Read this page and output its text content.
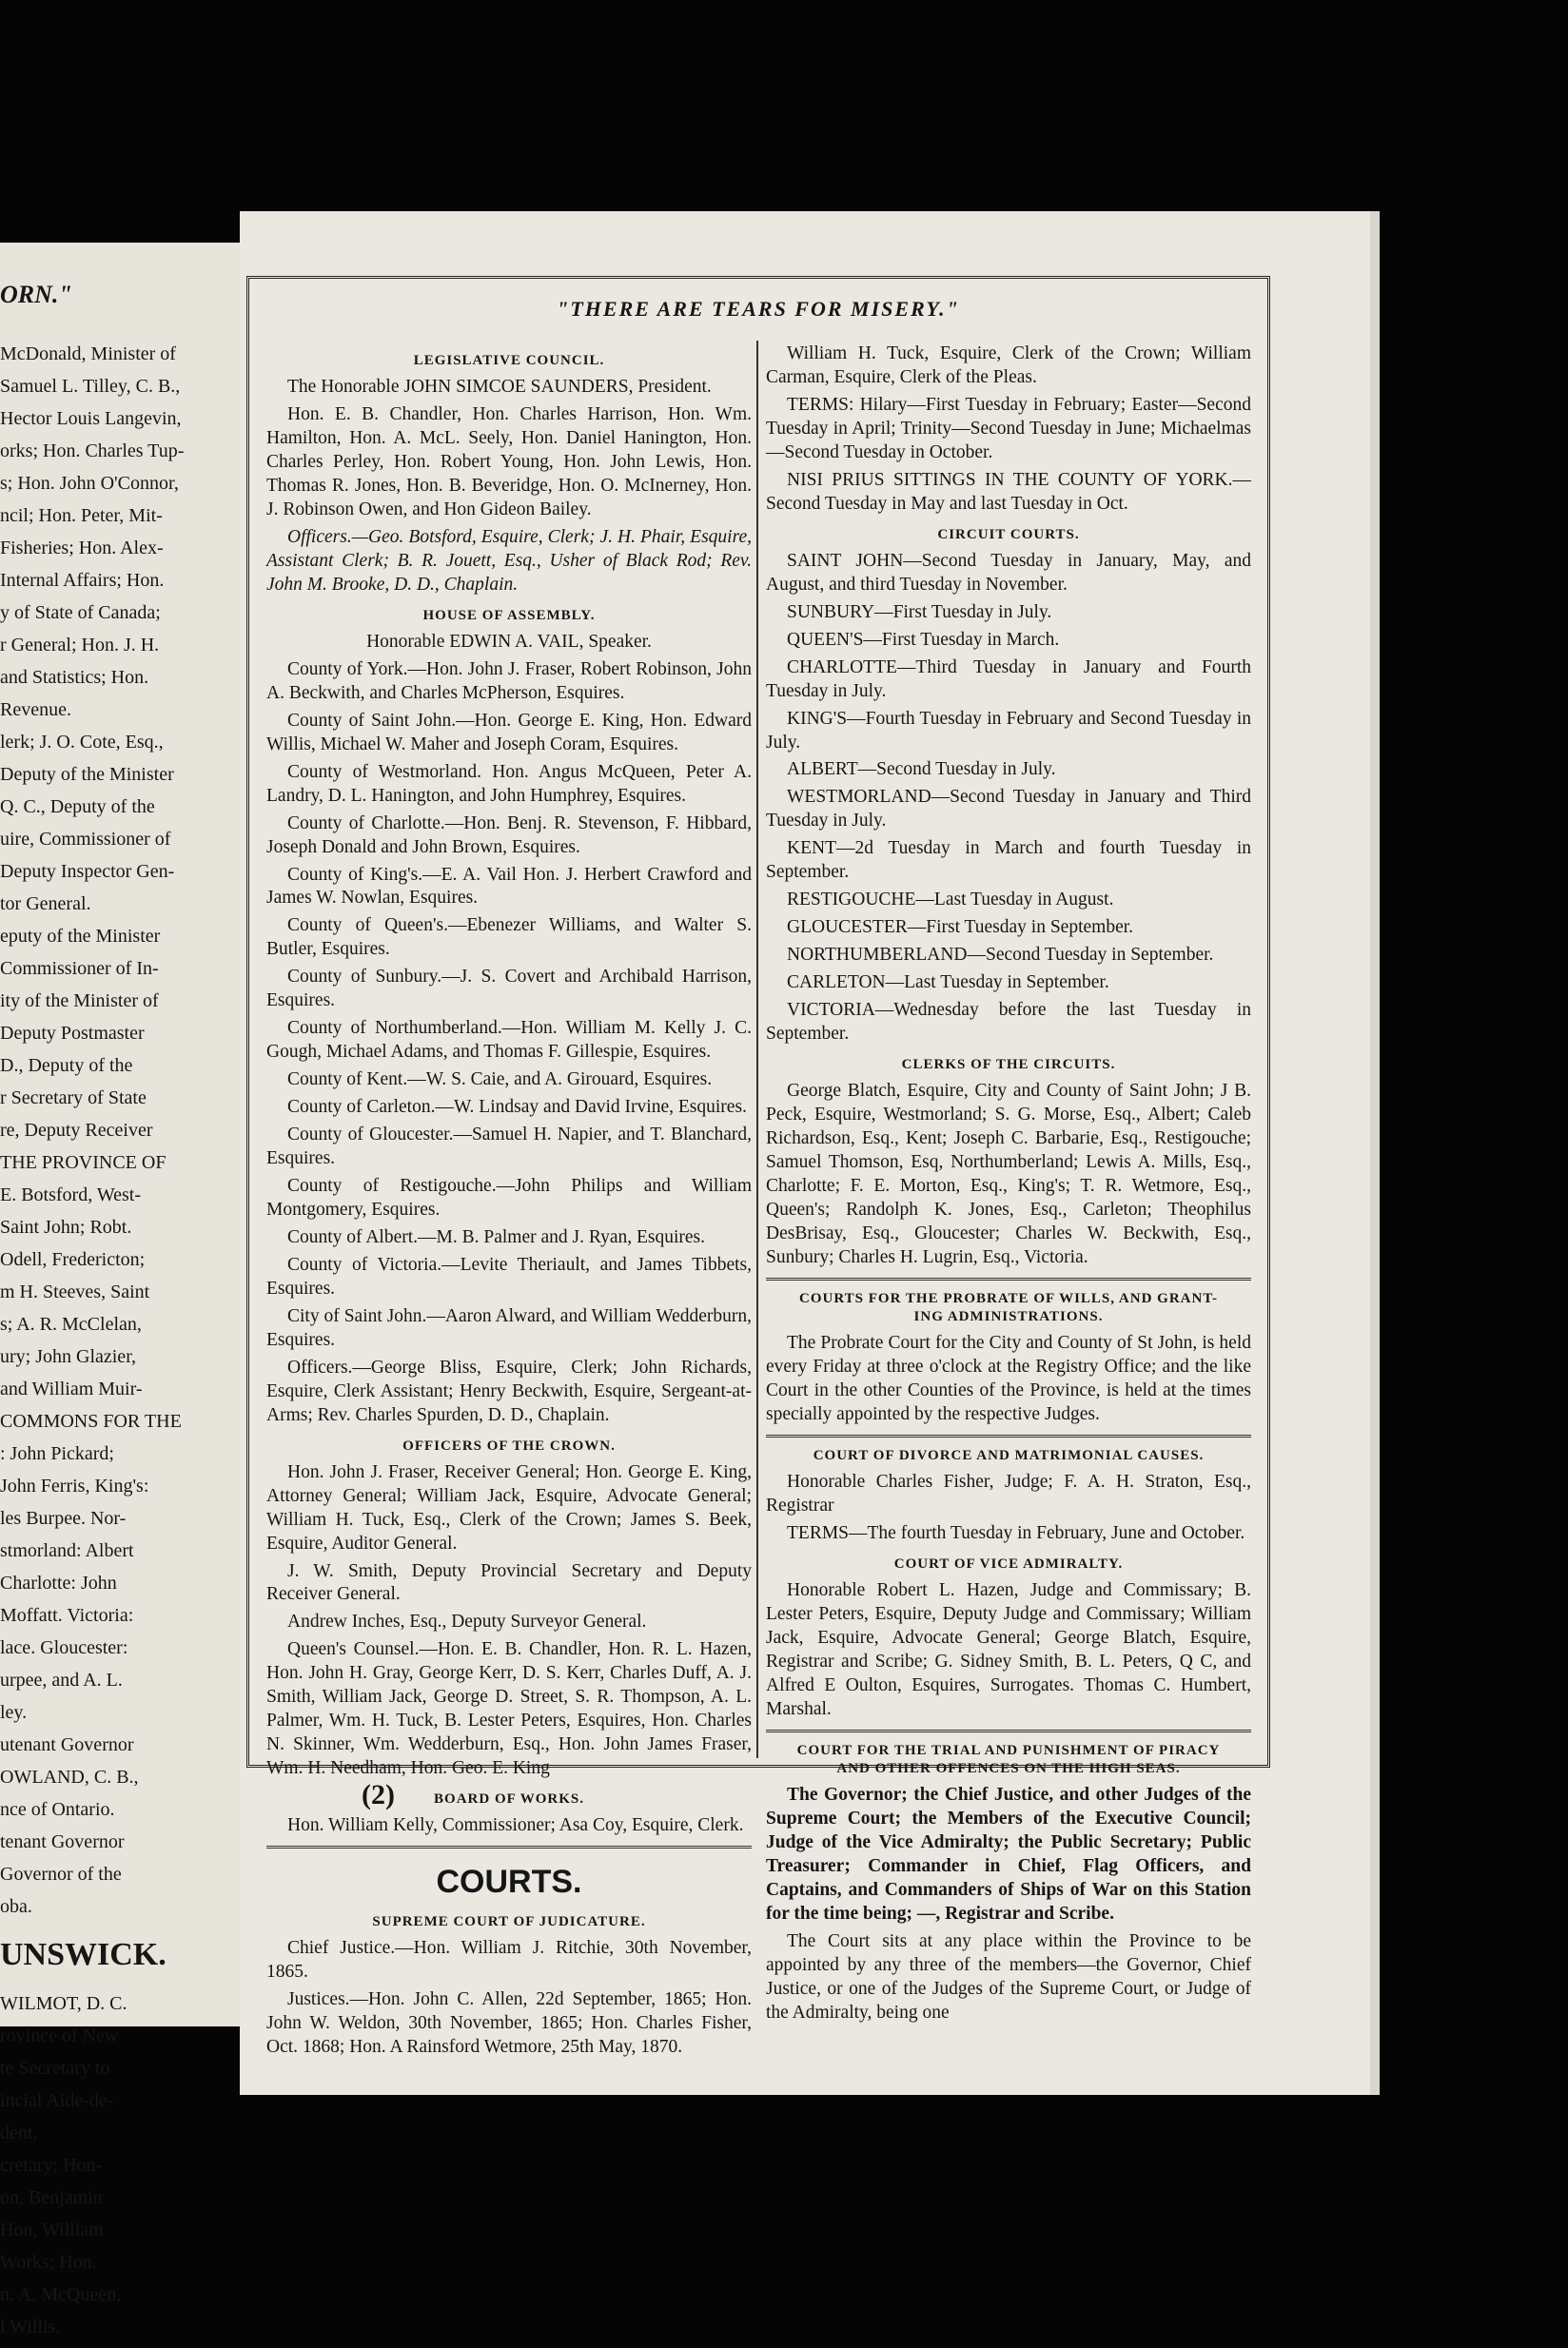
ORN."
McDonald, Minister of
Samuel L. Tilley, C. B.,
Hector Louis Langevin,
orks; Hon. Charles Tup-
s; Hon. John O'Connor,
ncil; Hon. Peter, Mit-
Fisheries; Hon. Alex-
Internal Affairs; Hon.
y of State of Canada;
r General; Hon. J. H.
and Statistics; Hon.
Revenue.
lerk; J. O. Cote, Esq.,
Deputy of the Minister
Q. C., Deputy of the
uire, Commissioner of
Deputy Inspector Gen-
tor General.
eputy of the Minister
Commissioner of In-
ity of the Minister of
Deputy Postmaster
D., Deputy of the
r Secretary of State
re, Deputy Receiver
THE PROVINCE OF
E. Botsford, West-
Saint John; Robt.
Odell, Fredericton;
m H. Steeves, Saint
s; A. R. McClelan,
ury; John Glazier,
and William Muir-
COMMONS FOR THE
: John Pickard;
John Ferris, King's:
les Burpee. Nor-
stmorland: Albert
Charlotte: John
Moffatt. Victoria:
lace. Gloucester:
urpee, and A. L.
ley.
utenant Governor
OWLAND, C. B.,
nce of Ontario.
tenant Governor
Governor of the
oba.
UNSWICK.
WILMOT, D. C.
rovince of New
te Secretary to
incial Aide-de-
dent,
cretary; Hon-
on, Benjamin
Hon, William
Works; Hon.
n. A. McQueen,
l Willis.
"THERE ARE TEARS FOR MISERY."
LEGISLATIVE COUNCIL.
The Honorable JOHN SIMCOE SAUNDERS, President.
Hon. E. B. Chandler, Hon. Charles Harrison, Hon. Wm. Hamilton, Hon. A. McL. Seely, Hon. Daniel Hanington, Hon. Charles Perley, Hon. Robert Young, Hon. John Lewis, Hon. Thomas R. Jones, Hon. B. Beveridge, Hon. O. McInerney, Hon. J. Robinson Owen, and Hon Gideon Bailey.
Officers.—Geo. Botsford, Esquire, Clerk; J. H. Phair, Esquire, Assistant Clerk; B. R. Jouett, Esq., Usher of Black Rod; Rev. John M. Brooke, D. D., Chaplain.
HOUSE OF ASSEMBLY.
Honorable EDWIN A. VAIL, Speaker.
County of York.—Hon. John J. Fraser, Robert Robinson, John A. Beckwith, and Charles McPherson, Esquires.
County of Saint John.—Hon. George E. King, Hon. Edward Willis, Michael W. Maher and Joseph Coram, Esquires.
County of Westmorland. Hon. Angus McQueen, Peter A. Landry, D. L. Hanington, and John Humphrey, Esquires.
County of Charlotte.—Hon. Benj. R. Stevenson, F. Hibbard, Joseph Donald and John Brown, Esquires.
County of King's.—E. A. Vail Hon. J. Herbert Crawford and James W. Nowlan, Esquires.
County of Queen's.—Ebenezer Williams, and Walter S. Butler, Esquires.
County of Sunbury.—J. S. Covert and Archibald Harrison, Esquires.
County of Northumberland.—Hon. William M. Kelly J. C. Gough, Michael Adams, and Thomas F. Gillespie, Esquires.
County of Kent.—W. S. Caie, and A. Girouard, Esquires.
County of Carleton.—W. Lindsay and David Irvine, Esquires.
County of Gloucester.—Samuel H. Napier, and T. Blanchard, Esquires.
County of Restigouche.—John Philips and William Montgomery, Esquires.
County of Albert.—M. B. Palmer and J. Ryan, Esquires.
County of Victoria.—Levite Theriault, and James Tibbets, Esquires.
City of Saint John.—Aaron Alward, and William Wedderburn, Esquires.
Officers.—George Bliss, Esquire, Clerk; John Richards, Esquire, Clerk Assistant; Henry Beckwith, Esquire, Sergeant-at-Arms; Rev. Charles Spurden, D. D., Chaplain.
OFFICERS OF THE CROWN.
Hon. John J. Fraser, Receiver General; Hon. George E. King, Attorney General; William Jack, Esquire, Advocate General; William H. Tuck, Esq., Clerk of the Crown; James S. Beek, Esquire, Auditor General.
J. W. Smith, Deputy Provincial Secretary and Deputy Receiver General.
Andrew Inches, Esq., Deputy Surveyor General.
Queen's Counsel.—Hon. E. B. Chandler, Hon. R. L. Hazen, Hon. John H. Gray, George Kerr, D. S. Kerr, Charles Duff, A. J. Smith, William Jack, George D. Street, S. R. Thompson, A. L. Palmer, Wm. H. Tuck, B. Lester Peters, Esquires, Hon. Charles N. Skinner, Wm. Wedderburn, Esq., Hon. John James Fraser, Wm. H. Needham, Hon. Geo. E. King
BOARD OF WORKS.
Hon. William Kelly, Commissioner; Asa Coy, Esquire, Clerk.
COURTS.
SUPREME COURT OF JUDICATURE.
Chief Justice.—Hon. William J. Ritchie, 30th November, 1865.
Justices.—Hon. John C. Allen, 22d September, 1865; Hon. John W. Weldon, 30th November, 1865; Hon. Charles Fisher, Oct. 1868; Hon. A Rainsford Wetmore, 25th May, 1870.
William H. Tuck, Esquire, Clerk of the Crown; William Carman, Esquire, Clerk of the Pleas.
TERMS: Hilary—First Tuesday in February; Easter—Second Tuesday in April; Trinity—Second Tuesday in June; Michaelmas—Second Tuesday in October.
NISI PRIUS SITTINGS IN THE COUNTY OF YORK.—Second Tuesday in May and last Tuesday in Oct.
CIRCUIT COURTS.
SAINT JOHN—Second Tuesday in January, May, and August, and third Tuesday in November.
SUNBURY—First Tuesday in July.
QUEEN'S—First Tuesday in March.
CHARLOTTE—Third Tuesday in January and Fourth Tuesday in July.
KING'S—Fourth Tuesday in February and Second Tuesday in July.
ALBERT—Second Tuesday in July.
WESTMORLAND—Second Tuesday in January and Third Tuesday in July.
KENT—2d Tuesday in March and fourth Tuesday in September.
RESTIGOUCHE—Last Tuesday in August.
GLOUCESTER—First Tuesday in September.
NORTHUMBERLAND—Second Tuesday in September.
CARLETON—Last Tuesday in September.
VICTORIA—Wednesday before the last Tuesday in September.
CLERKS OF THE CIRCUITS.
George Blatch, Esquire, City and County of Saint John; J B. Peck, Esquire, Westmorland; S. G. Morse, Esq., Albert; Caleb Richardson, Esq., Kent; Joseph C. Barbarie, Esq., Restigouche; Samuel Thomson, Esq, Northumberland; Lewis A. Mills, Esq., Charlotte; F. E. Morton, Esq., King's; T. R. Wetmore, Esq., Queen's; Randolph K. Jones, Esq., Carleton; Theophilus DesBrisay, Esq., Gloucester; Charles W. Beckwith, Esq., Sunbury; Charles H. Lugrin, Esq., Victoria.
COURTS FOR THE PROBRATE OF WILLS, AND GRANT-
ING ADMINISTRATIONS.
The Probrate Court for the City and County of St John, is held every Friday at three o'clock at the Registry Office; and the like Court in the other Counties of the Province, is held at the times specially appointed by the respective Judges.
COURT OF DIVORCE AND MATRIMONIAL CAUSES.
Honorable Charles Fisher, Judge; F. A. H. Straton, Esq., Registrar
TERMS—The fourth Tuesday in February, June and October.
COURT OF VICE ADMIRALTY.
Honorable Robert L. Hazen, Judge and Commissary; B. Lester Peters, Esquire, Deputy Judge and Commissary; William Jack, Esquire, Advocate General; George Blatch, Esquire, Registrar and Scribe; G. Sidney Smith, B. L. Peters, Q C, and Alfred E Oulton, Esquires, Surrogates. Thomas C. Humbert, Marshal.
COURT FOR THE TRIAL AND PUNISHMENT OF PIRACY
AND OTHER OFFENCES ON THE HIGH SEAS.
The Governor; the Chief Justice, and other Judges of the Supreme Court; the Members of the Executive Council; Judge of the Vice Admiralty; the Public Secretary; Public Treasurer; Commander in Chief, Flag Officers, and Captains, and Commanders of Ships of War on this Station for the time being; —, Registrar and Scribe.
The Court sits at any place within the Province to be appointed by any three of the members—the Governor, Chief Justice, or one of the Judges of the Supreme Court, or Judge of the Admiralty, being one
(2)
